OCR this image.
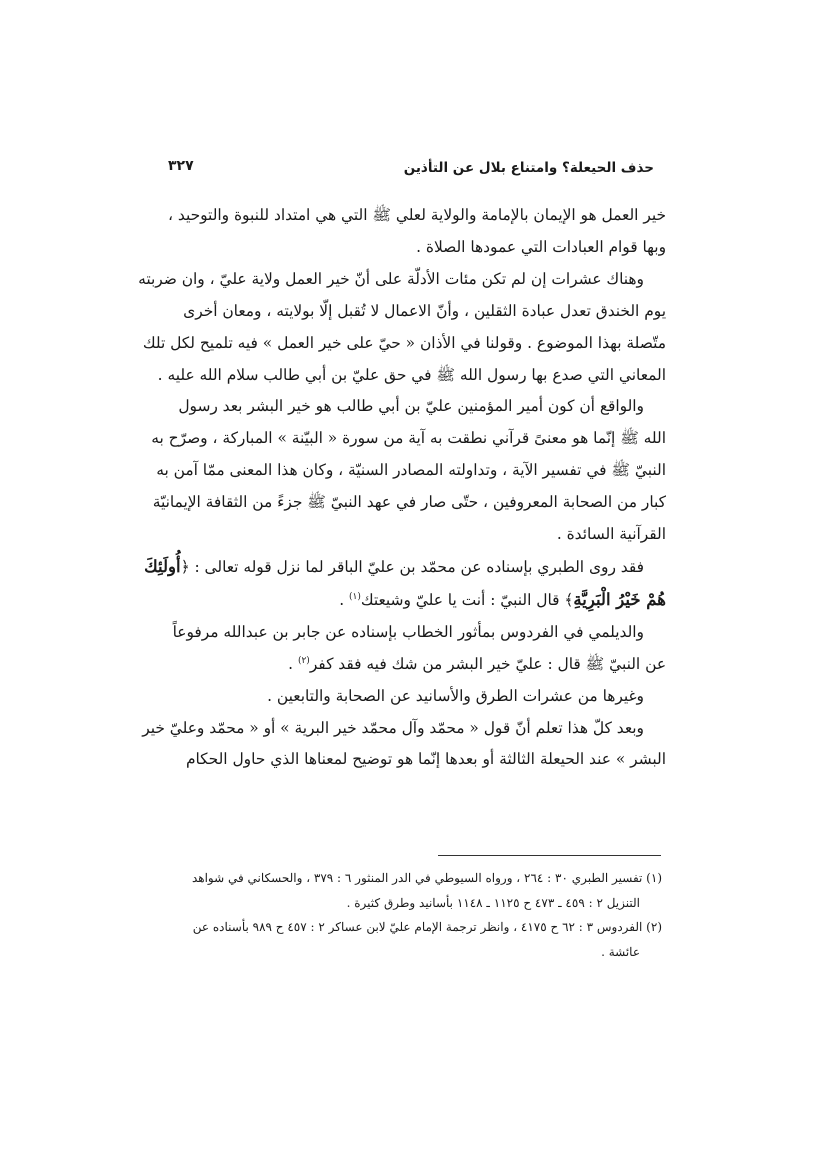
حذف الحيعلة؟ وامتناع بلال عن التأذين
٣٢٧

خير العمل هو الإيمان بالإمامة والولاية لعلي ﷺ التي هي امتداد للنبوة والتوحيد ،

وبها قوام العبادات التي عمودها الصلاة .

وهناك عشرات إن لم تكن مئات الأدلّة على أنّ خير العمل ولاية عليّ ، وان ضربته

يوم الخندق تعدل عبادة الثقلين ، وأنّ الاعمال لا تُقبل إلّا بولايته ، ومعان أخرى

متّصلة بهذا الموضوع . وقولنا في الأذان « حيّ على خير العمل » فيه تلميح لكل تلك

المعاني التي صدع بها رسول الله ﷺ في حق عليّ بن أبي طالب سلام الله عليه .

والواقع أن كون أمير المؤمنين عليّ بن أبي طالب هو خير البشر بعد رسول

الله ﷺ إنّما هو معنىً قرآني نطقت به آية من سورة « البيّنة » المباركة ، وصرّح به

النبيّ ﷺ في تفسير الآية ، وتداولته المصادر السنيّة ، وكان هذا المعنى ممّا آمن به

كبار من الصحابة المعروفين ، حتّى صار في عهد النبيّ ﷺ جزءً من الثقافة الإيمانيّة

القرآنية السائدة .

فقد روى الطبري بإسناده عن محمّد بن عليّ الباقر لما نزل قوله تعالى : ﴿أُولَئِكَ

هُمْ خَيْرُ الْبَرِيَّةِ﴾ قال النبيّ : أنت يا عليّ وشيعتك$^{(١)}$ .

والديلمي في الفردوس بمأثور الخطاب بإسناده عن جابر بن عبدالله مرفوعاً

عن النبيّ ﷺ قال : عليّ خير البشر من شك فيه فقد كفر$^{(٢)}$ .

وغيرها من عشرات الطرق والأسانيد عن الصحابة والتابعين .

وبعد كلّ هذا تعلم أنّ قول « محمّد وآل محمّد خير البرية » أو « محمّد وعليّ خير

البشر » عند الحيعلة الثالثة أو بعدها إنّما هو توضيح لمعناها الذي حاول الحكام

(١) تفسير الطبري ٣٠ : ٢٦٤ ، ورواه السيوطي في الدر المنثور ٦ : ٣٧٩ ، والحسكاني في شواهد

التنزيل ٢ : ٤٥٩ ـ ٤٧٣ ح ١١٢٥ ـ ١١٤٨ بأسانيد وطرق كثيرة .

(٢) الفردوس ٣ : ٦٢ ح ٤١٧٥ ، وانظر ترجمة الإمام عليّ لابن عساكر ٢ : ٤٥٧ ح ٩٨٩ بأسناده عن

عائشة .
